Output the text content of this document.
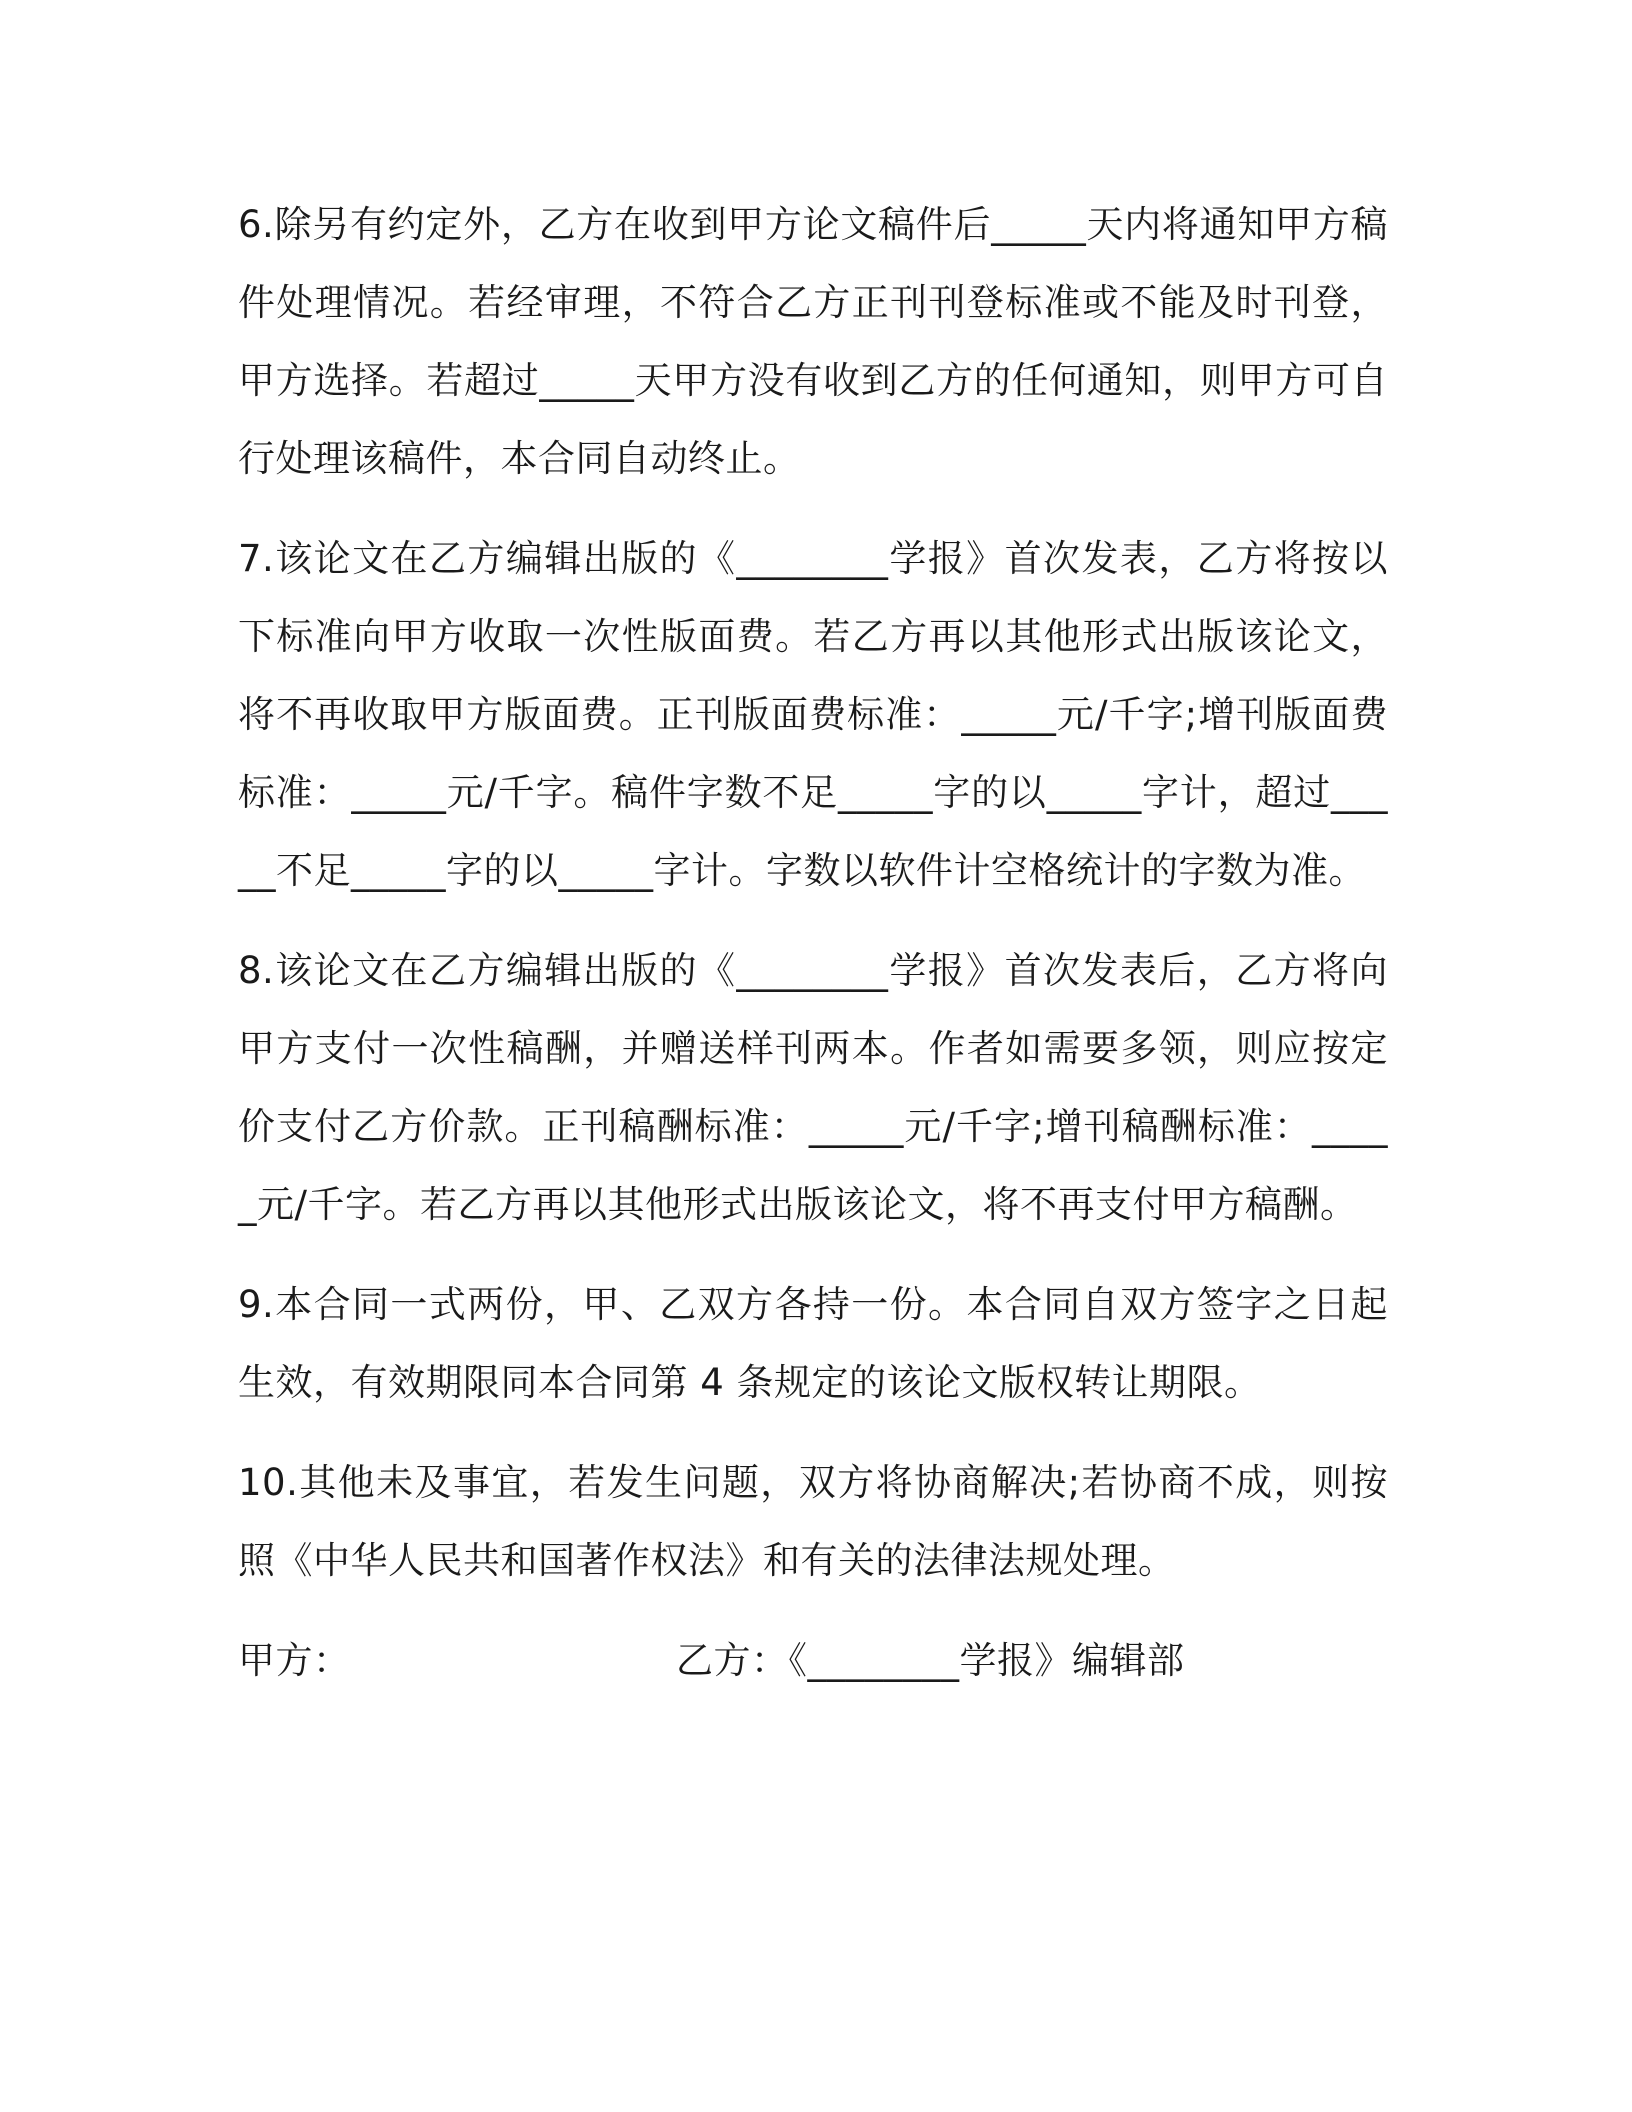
6.除另有约定外，乙方在收到甲方论文稿件后_____天内将通知甲方稿件处理情况。若经审理，不符合乙方正刊刊登标准或不能及时刊登，甲方选择。若超过_____天甲方没有收到乙方的任何通知，则甲方可自行处理该稿件，本合同自动终止。

7.该论文在乙方编辑出版的《________学报》首次发表，乙方将按以下标准向甲方收取一次性版面费。若乙方再以其他形式出版该论文，将不再收取甲方版面费。正刊版面费标准：_____元/千字;增刊版面费标准：_____元/千字。稿件字数不足_____字的以_____字计，超过_____不足_____字的以_____字计。字数以软件计空格统计的字数为准。

8.该论文在乙方编辑出版的《________学报》首次发表后，乙方将向甲方支付一次性稿酬，并赠送样刊两本。作者如需要多领，则应按定价支付乙方价款。正刊稿酬标准：_____元/千字;增刊稿酬标准：_____元/千字。若乙方再以其他形式出版该论文，将不再支付甲方稿酬。

9.本合同一式两份，甲、乙双方各持一份。本合同自双方签字之日起生效，有效期限同本合同第 4 条规定的该论文版权转让期限。

10.其他未及事宜，若发生问题，双方将协商解决;若协商不成，则按照《中华人民共和国著作权法》和有关的法律法规处理。

甲方：	乙方：《________学报》编辑部
